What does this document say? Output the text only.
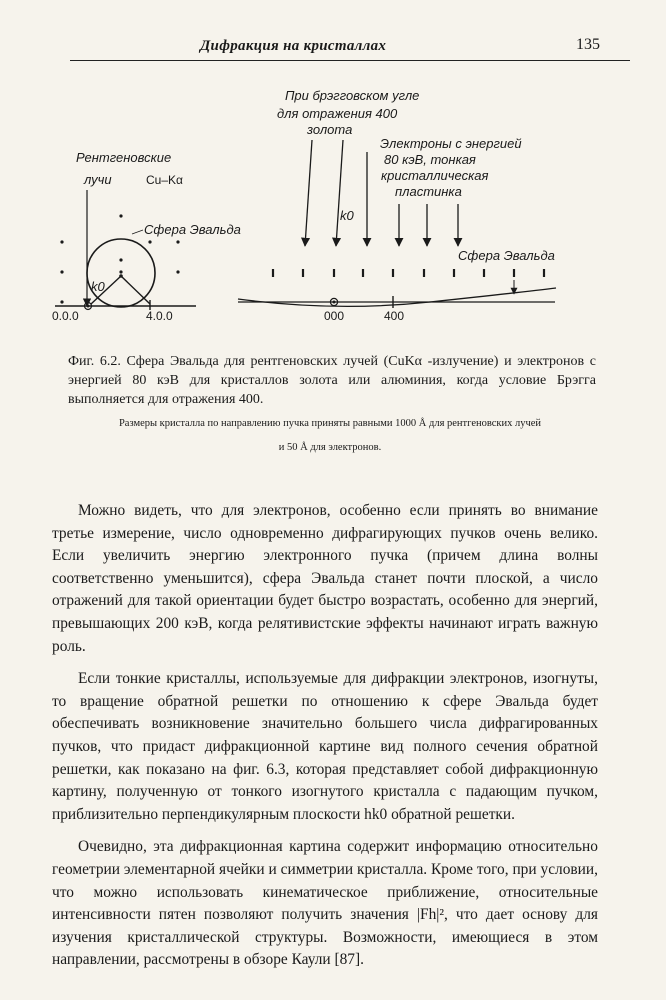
Дифракция на кристаллах	135
Рентгеновские
лучи	Cu–Kα
k0
Сфера Эвальда
0.0.0	4.0.0
При брэгговском угле
для отражения 400
золота
Электроны с энергией
80 кэВ, тонкая
кристаллическая
пластинка
k0
Сфера Эвальда
000	400
Фиг. 6.2. Сфера Эвальда для рентгеновских лучей (CuKα -излучение) и электронов с энергией 80 кэВ для кристаллов золота или алюминия, когда условие Брэгга выполняется для отражения 400.
Размеры кристалла по направлению пучка приняты равными 1000 Å для рентгеновских лучей
и 50 Å для электронов.

Можно видеть, что для электронов, особенно если принять во внимание третье измерение, число одновременно дифрагирующих пучков очень велико. Если увеличить энергию электронного пучка (причем длина волны соответственно уменьшится), сфера Эвальда станет почти плоской, а число отражений для такой ориентации будет быстро возрастать, особенно для энергий, превышающих 200 кэВ, когда релятивистские эффекты начинают играть важную роль.

Если тонкие кристаллы, используемые для дифракции электронов, изогнуты, то вращение обратной решетки по отношению к сфере Эвальда будет обеспечивать возникновение значительно большего числа дифрагированных пучков, что придаст дифракционной картине вид полного сечения обратной решетки, как показано на фиг. 6.3, которая представляет собой дифракционную картину, полученную от тонкого изогнутого кристалла с падающим пучком, приблизительно перпендикулярным плоскости hk0 обратной решетки.

Очевидно, эта дифракционная картина содержит информацию относительно геометрии элементарной ячейки и симметрии кристалла. Кроме того, при условии, что можно использовать кинематическое приближение, относительные интенсивности пятен позволяют получить значения |Fh|², что дает основу для изучения кристаллической структуры. Возможности, имеющиеся в этом направлении, рассмотрены в обзоре Каули [87].
